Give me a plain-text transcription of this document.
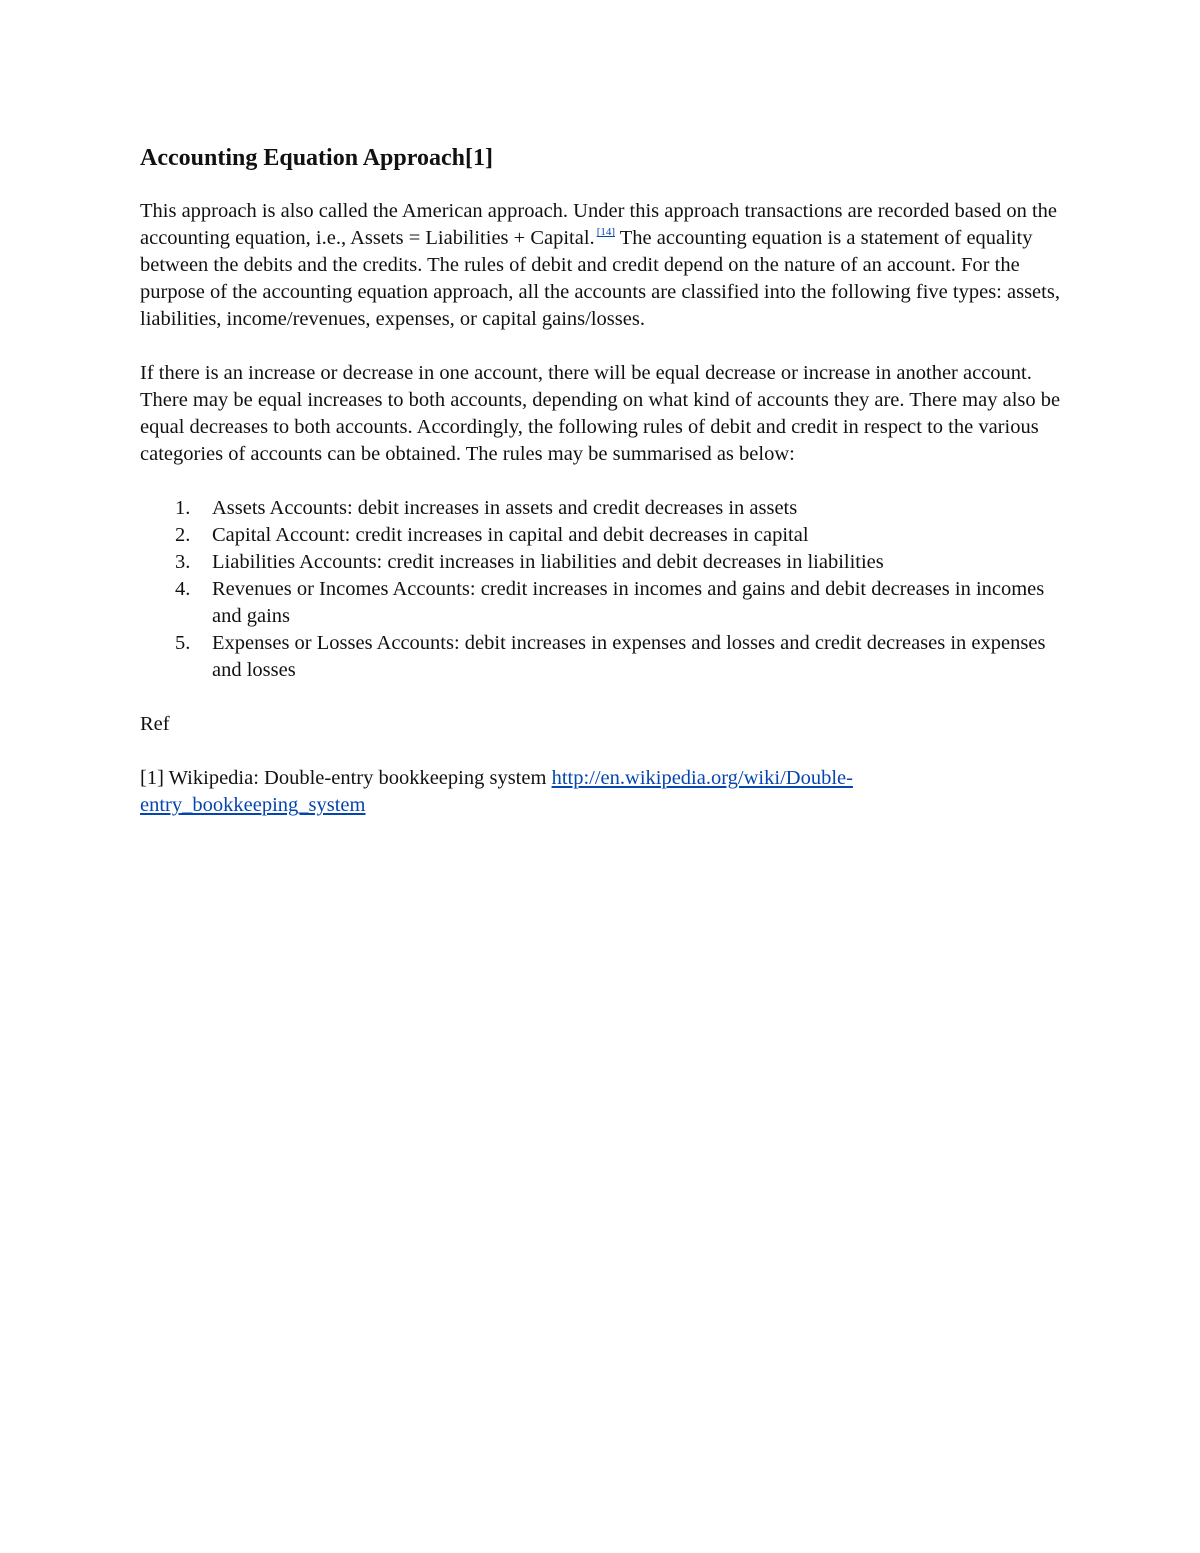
Accounting Equation Approach[1]

This approach is also called the American approach. Under this approach transactions are recorded based on the accounting equation, i.e., Assets = Liabilities + Capital. [14] The accounting equation is a statement of equality between the debits and the credits. The rules of debit and credit depend on the nature of an account. For the purpose of the accounting equation approach, all the accounts are classified into the following five types: assets, liabilities, income/revenues, expenses, or capital gains/losses.

If there is an increase or decrease in one account, there will be equal decrease or increase in another account. There may be equal increases to both accounts, depending on what kind of accounts they are. There may also be equal decreases to both accounts. Accordingly, the following rules of debit and credit in respect to the various categories of accounts can be obtained. The rules may be summarised as below:

1. Assets Accounts: debit increases in assets and credit decreases in assets
2. Capital Account: credit increases in capital and debit decreases in capital
3. Liabilities Accounts: credit increases in liabilities and debit decreases in liabilities
4. Revenues or Incomes Accounts: credit increases in incomes and gains and debit decreases in incomes and gains
5. Expenses or Losses Accounts: debit increases in expenses and losses and credit decreases in expenses and losses

Ref

[1] Wikipedia: Double-entry bookkeeping system http://en.wikipedia.org/wiki/Double-entry_bookkeeping_system
